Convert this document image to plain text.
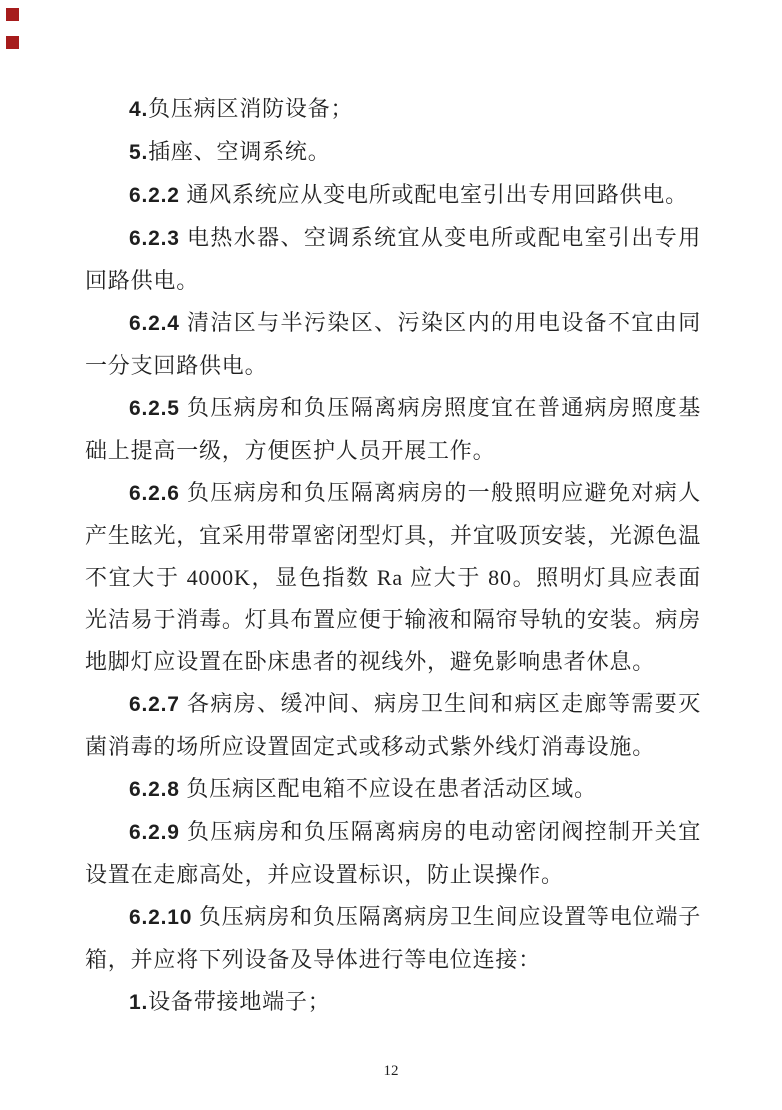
4.负压病区消防设备；

5.插座、空调系统。

6.2.2 通风系统应从变电所或配电室引出专用回路供电。

6.2.3 电热水器、空调系统宜从变电所或配电室引出专用回路供电。

6.2.4 清洁区与半污染区、污染区内的用电设备不宜由同一分支回路供电。

6.2.5 负压病房和负压隔离病房照度宜在普通病房照度基础上提高一级，方便医护人员开展工作。

6.2.6 负压病房和负压隔离病房的一般照明应避免对病人产生眩光，宜采用带罩密闭型灯具，并宜吸顶安装，光源色温不宜大于 4000K，显色指数 Ra 应大于 80。照明灯具应表面光洁易于消毒。灯具布置应便于输液和隔帘导轨的安装。病房地脚灯应设置在卧床患者的视线外，避免影响患者休息。

6.2.7 各病房、缓冲间、病房卫生间和病区走廊等需要灭菌消毒的场所应设置固定式或移动式紫外线灯消毒设施。

6.2.8 负压病区配电箱不应设在患者活动区域。

6.2.9 负压病房和负压隔离病房的电动密闭阀控制开关宜设置在走廊高处，并应设置标识，防止误操作。

6.2.10 负压病房和负压隔离病房卫生间应设置等电位端子箱，并应将下列设备及导体进行等电位连接：

1.设备带接地端子；

12
